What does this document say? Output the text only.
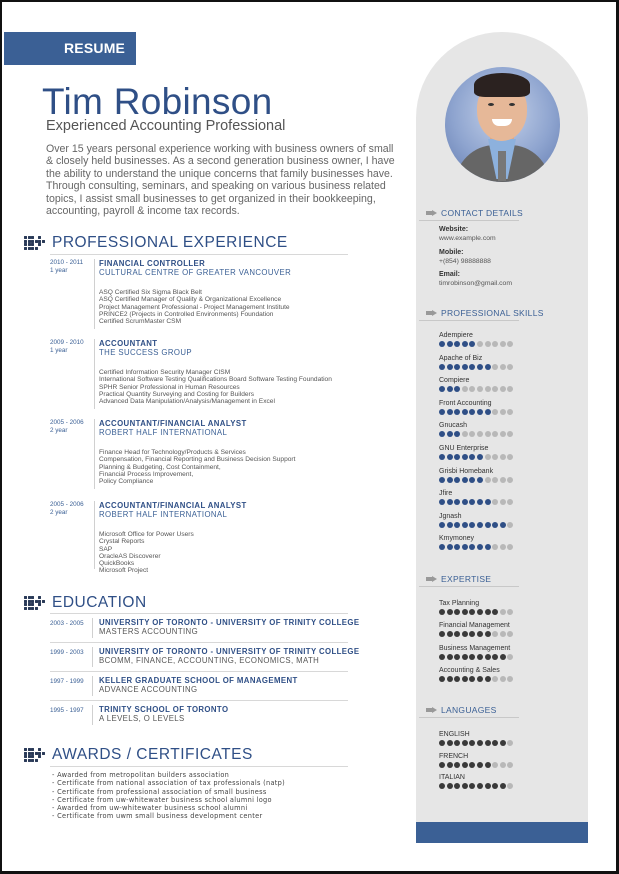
RESUME
Tim Robinson
Experienced Accounting Professional

Over 15 years personal experience working with business owners of small & closely held businesses. As a second generation business owner, I have the ability to understand the unique concerns that family businesses have. Through consulting, seminars, and speaking on various business related topics, I assist small businesses to get organized in their bookkeeping, accounting, payroll & income tax records.

PROFESSIONAL EXPERIENCE
2010 - 2011
1 year
FINANCIAL CONTROLLER
CULTURAL CENTRE OF GREATER VANCOUVER
ASQ Certified Six Sigma Black Belt
ASQ Certified Manager of Quality & Organizational Excellence
Project Management Professional - Project Management Institute
PRINCE2 (Projects in Controlled Environments) Foundation
Certified ScrumMaster CSM
2009 - 2010
1 year
ACCOUNTANT
THE SUCCESS GROUP
Certified Information Security Manager CISM
International Software Testing Qualifications Board Software Testing Foundation
SPHR Senior Professional in Human Resources
Practical Quantity Surveying and Costing for Builders
Advanced Data Manipulation/Analysis/Management in Excel
2005 - 2006
2 year
ACCOUNTANT/FINANCIAL ANALYST
ROBERT HALF INTERNATIONAL
Finance Head for Technology/Products & Services
Compensation, Financial Reporting and Business Decision Support
Planning & Budgeting, Cost Containment,
Financial Process Improvement,
Policy Compliance
2005 - 2006
2 year
ACCOUNTANT/FINANCIAL ANALYST
ROBERT HALF INTERNATIONAL
Microsoft Office for Power Users
Crystal Reports
SAP
OracleAS Discoverer
QuickBooks
Microsoft Project
EDUCATION
2003 - 2005 UNIVERSITY OF TORONTO - UNIVERSITY OF TRINITY COLLEGE
MASTERS ACCOUNTING
1999 - 2003 UNIVERSITY OF TORONTO - UNIVERSITY OF TRINITY COLLEGE
BCOMM, FINANCE, ACCOUNTING, ECONOMICS, MATH
1997 - 1999 KELLER GRADUATE SCHOOL OF MANAGEMENT
ADVANCE ACCOUNTING
1995 - 1997 TRINITY SCHOOL OF TORONTO
A LEVELS, O LEVELS
AWARDS / CERTIFICATES
- Awarded from metropolitan builders association
- Certificate from national association of tax professionals (natp)
- Certificate from professional association of small business
- Certificate from uw-whitewater business school alumni logo
- Awarded from uw-whitewater business school alumni
- Certificate from uwm small business development center
CONTACT DETAILS
Website:
www.example.com
Mobile:
+(854) 98888888
Email:
timrobinson@gmail.com
PROFESSIONAL SKILLS
Adempiere
Apache of Biz
Compiere
Front Accounting
Gnucash
GNU Enterprise
Grisbi Homebank
Jfire
Jgnash
Kmymoney
EXPERTISE
Tax Planning
Financial Management
Business Management
Accounting & Sales
LANGUAGES
ENGLISH
FRENCH
ITALIAN
